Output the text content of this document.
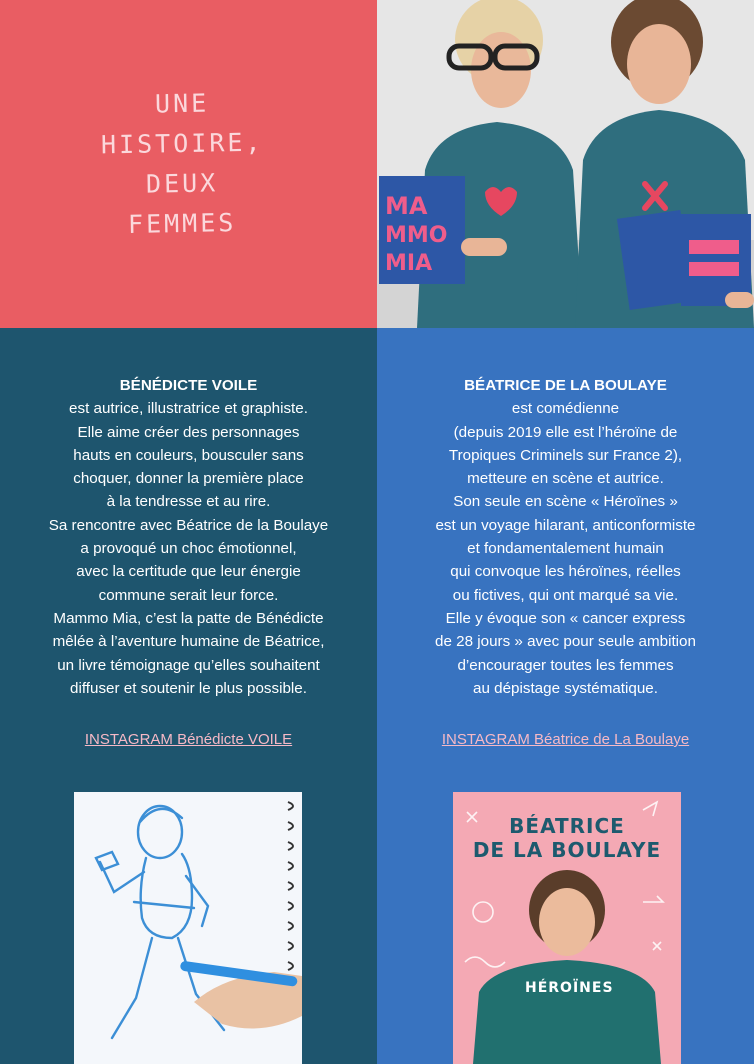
UNE
HISTOIRE,
DEUX
FEMMES
MA
MMO
MIA
BÉNÉDICTE VOILE
est autrice, illustratrice et graphiste.
Elle aime créer des personnages
hauts en couleurs, bousculer sans
choquer, donner la première place
à la tendresse et au rire.
Sa rencontre avec Béatrice de la Boulaye
a provoqué un choc émotionnel,
avec la certitude que leur énergie
commune serait leur force.
Mammo Mia, c’est la patte de Bénédicte
mêlée à l’aventure humaine de Béatrice,
un livre témoignage qu’elles souhaitent
diffuser et soutenir le plus possible.
INSTAGRAM Bénédicte VOILE
BÉATRICE DE LA BOULAYE
est comédienne
(depuis 2019 elle est l’héroïne de
Tropiques Criminels sur France 2),
metteure en scène et autrice.
Son seule en scène « Héroïnes »
est un voyage hilarant, anticonformiste
et fondamentalement humain
qui convoque les héroïnes, réelles
ou fictives, qui ont marqué sa vie.
Elle y évoque son « cancer express
de 28 jours » avec pour seule ambition
d’encourager toutes les femmes
au dépistage systématique.
INSTAGRAM Béatrice de La Boulaye
HÉROÏNES
BÉATRICE
DE LA BOULAYE
